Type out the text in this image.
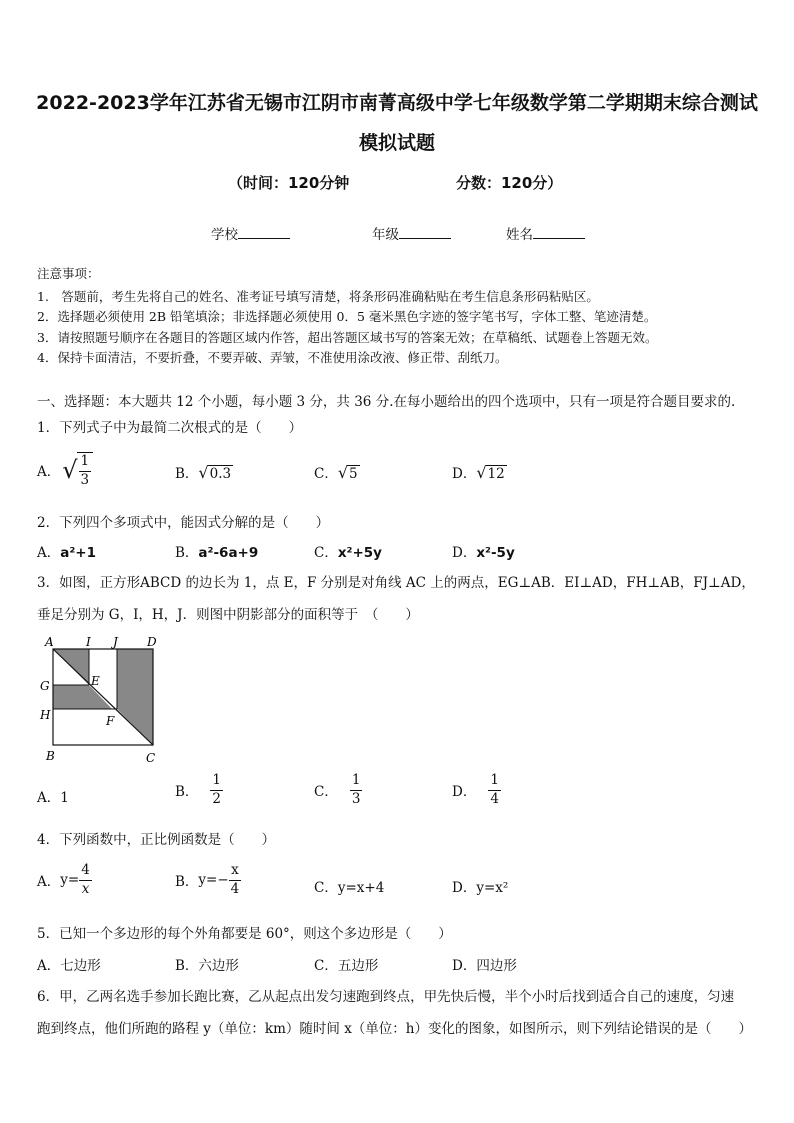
2022-2023学年江苏省无锡市江阴市南菁高级中学七年级数学第二学期期末综合测试
模拟试题
（时间：120分钟	分数：120分）
学校	年级	姓名
注意事项：
1.　答题前，考生先将自己的姓名、准考证号填写清楚，将条形码准确粘贴在考生信息条形码粘贴区。
2．选择题必须使用 2B 铅笔填涂；非选择题必须使用 0．5 毫米黑色字迹的签字笔书写，字体工整、笔迹清楚。
3．请按照题号顺序在各题目的答题区域内作答，超出答题区域书写的答案无效；在草稿纸、试题卷上答题无效。
4．保持卡面清洁，不要折叠，不要弄破、弄皱，不准使用涂改液、修正带、刮纸刀。
一、选择题：本大题共 12 个小题，每小题 3 分，共 36 分.在每小题给出的四个选项中，只有一项是符合题目要求的.
1．下列式子中为最简二次根式的是（　　）
A． √ $\frac{1}{3}$	B．√0.3	C．√5	D．√12
2．下列四个多项式中，能因式分解的是（　　）
A．a²+1	B．a²-6a+9	C．x²+5y	D．x²-5y
3．如图，正方形ABCD 的边长为 1，点 E，F 分别是对角线 AC 上的两点，EG⊥AB．EI⊥AD，FH⊥AB，FJ⊥AD，
垂足分别为 G，I，H，J．则图中阴影部分的面积等于　（　　）
A	I J D
G	E
H	F
B	C
A．1	B． $\frac{1}{2}$	C． $\frac{1}{3}$	D． $\frac{1}{4}$
4．下列函数中，正比例函数是（　　）
A． $y= \frac{4}{x}$	B． $y=- \frac{x}{4}$	C．y=x+4	D．y=x²
5．已知一个多边形的每个外角都要是 60°，则这个多边形是（　　）
A．七边形	B．六边形	C．五边形	D．四边形
6．甲，乙两名选手参加长跑比赛，乙从起点出发匀速跑到终点，甲先快后慢，半个小时后找到适合自己的速度，匀速
跑到终点，他们所跑的路程 y（单位：km）随时间 x（单位：h）变化的图象，如图所示，则下列结论错误的是（　　）
